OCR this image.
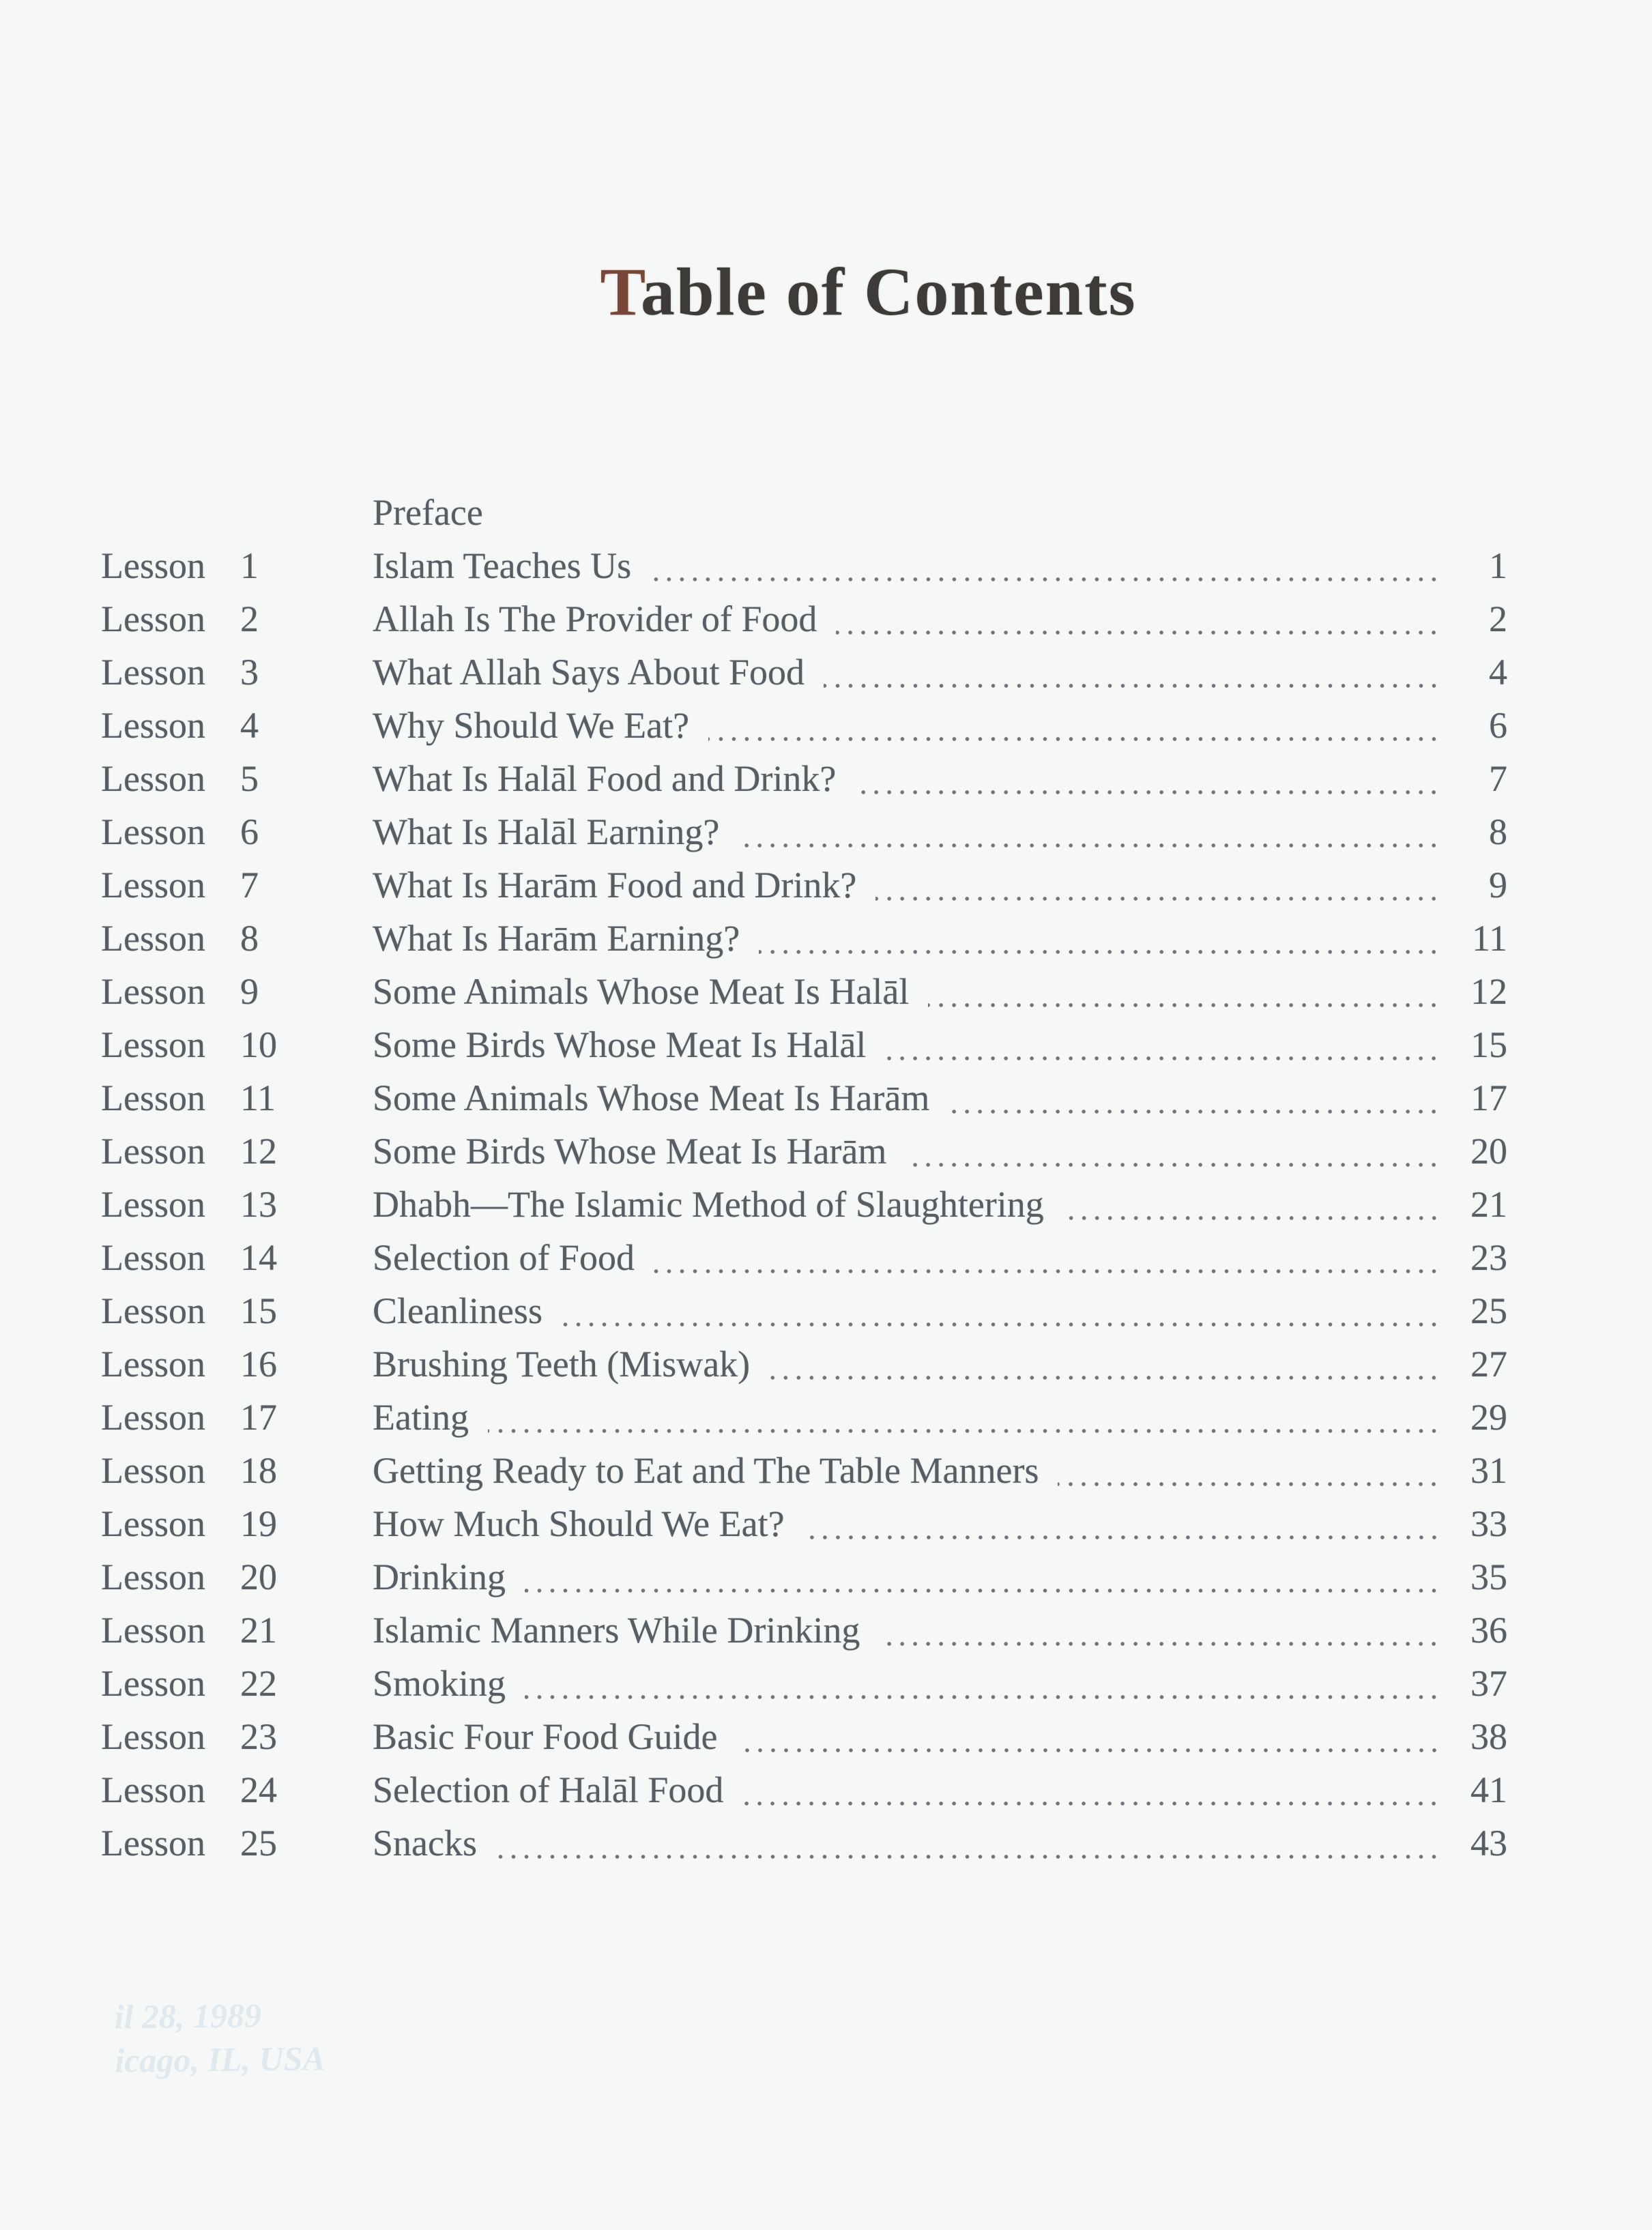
Table of Contents
Preface
Lesson 1	Islam Teaches Us	1
Lesson 2	Allah Is The Provider of Food	2
Lesson 3	What Allah Says About Food	4
Lesson 4	Why Should We Eat?	6
Lesson 5	What Is Halāl Food and Drink?	7
Lesson 6	What Is Halāl Earning?	8
Lesson 7	What Is Harām Food and Drink?	9
Lesson 8	What Is Harām Earning?	11
Lesson 9	Some Animals Whose Meat Is Halāl	12
Lesson 10	Some Birds Whose Meat Is Halāl	15
Lesson 11	Some Animals Whose Meat Is Harām	17
Lesson 12	Some Birds Whose Meat Is Harām	20
Lesson 13	Dhabh—The Islamic Method of Slaughtering	21
Lesson 14	Selection of Food	23
Lesson 15	Cleanliness	25
Lesson 16	Brushing Teeth (Miswak)	27
Lesson 17	Eating	29
Lesson 18	Getting Ready to Eat and The Table Manners	31
Lesson 19	How Much Should We Eat?	33
Lesson 20	Drinking	35
Lesson 21	Islamic Manners While Drinking	36
Lesson 22	Smoking	37
Lesson 23	Basic Four Food Guide	38
Lesson 24	Selection of Halāl Food	41
Lesson 25	Snacks	43
il 28, 1989
icago, IL, USA
